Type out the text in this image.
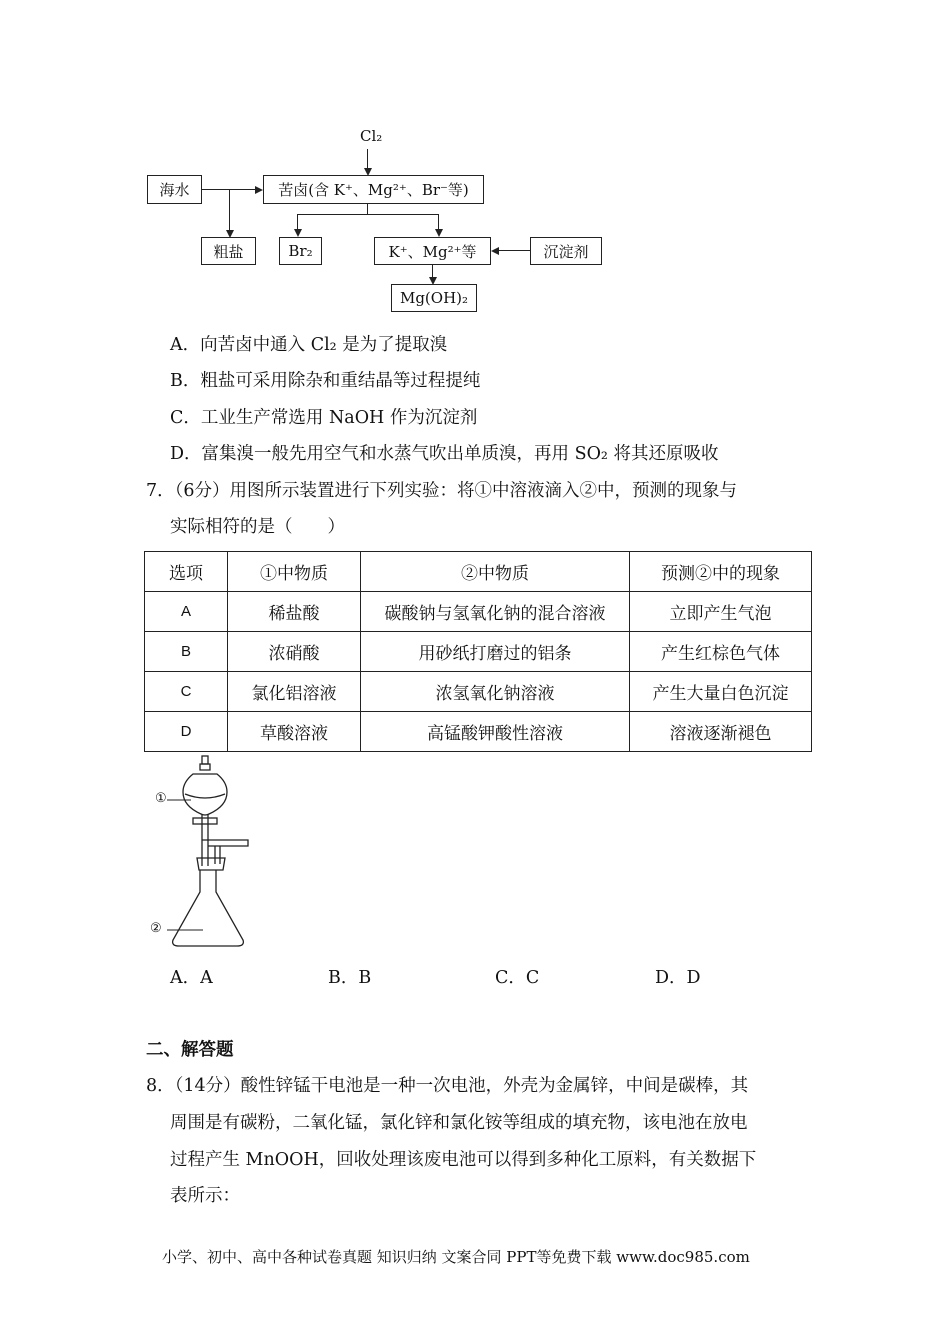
Cl₂
海水	苦卤(含 K⁺、Mg²⁺、Br⁻等)
粗盐	Br₂	K⁺、Mg²⁺等	沉淀剂
Mg(OH)₂
A．向苦卤中通入 Cl₂ 是为了提取溴
B．粗盐可采用除杂和重结晶等过程提纯
C．工业生产常选用 NaOH 作为沉淀剂
D．富集溴一般先用空气和水蒸气吹出单质溴，再用 SO₂ 将其还原吸收
7．（6分）用图所示装置进行下列实验：将①中溶液滴入②中，预测的现象与
实际相符的是（　　）
选项	①中物质	②中物质	预测②中的现象
A	稀盐酸	碳酸钠与氢氧化钠的混合溶液	立即产生气泡
B	浓硝酸	用砂纸打磨过的铝条	产生红棕色气体
C	氯化铝溶液	浓氢氧化钠溶液	产生大量白色沉淀
D	草酸溶液	高锰酸钾酸性溶液	溶液逐渐褪色
①
②
A．A	B．B	C．C	D．D
二、解答题
8．（14分）酸性锌锰干电池是一种一次电池，外壳为金属锌，中间是碳棒，其
周围是有碳粉，二氧化锰，氯化锌和氯化铵等组成的填充物，该电池在放电
过程产生 MnOOH，回收处理该废电池可以得到多种化工原料，有关数据下
表所示：
小学、初中、高中各种试卷真题 知识归纳 文案合同 PPT等免费下载 www.doc985.com
